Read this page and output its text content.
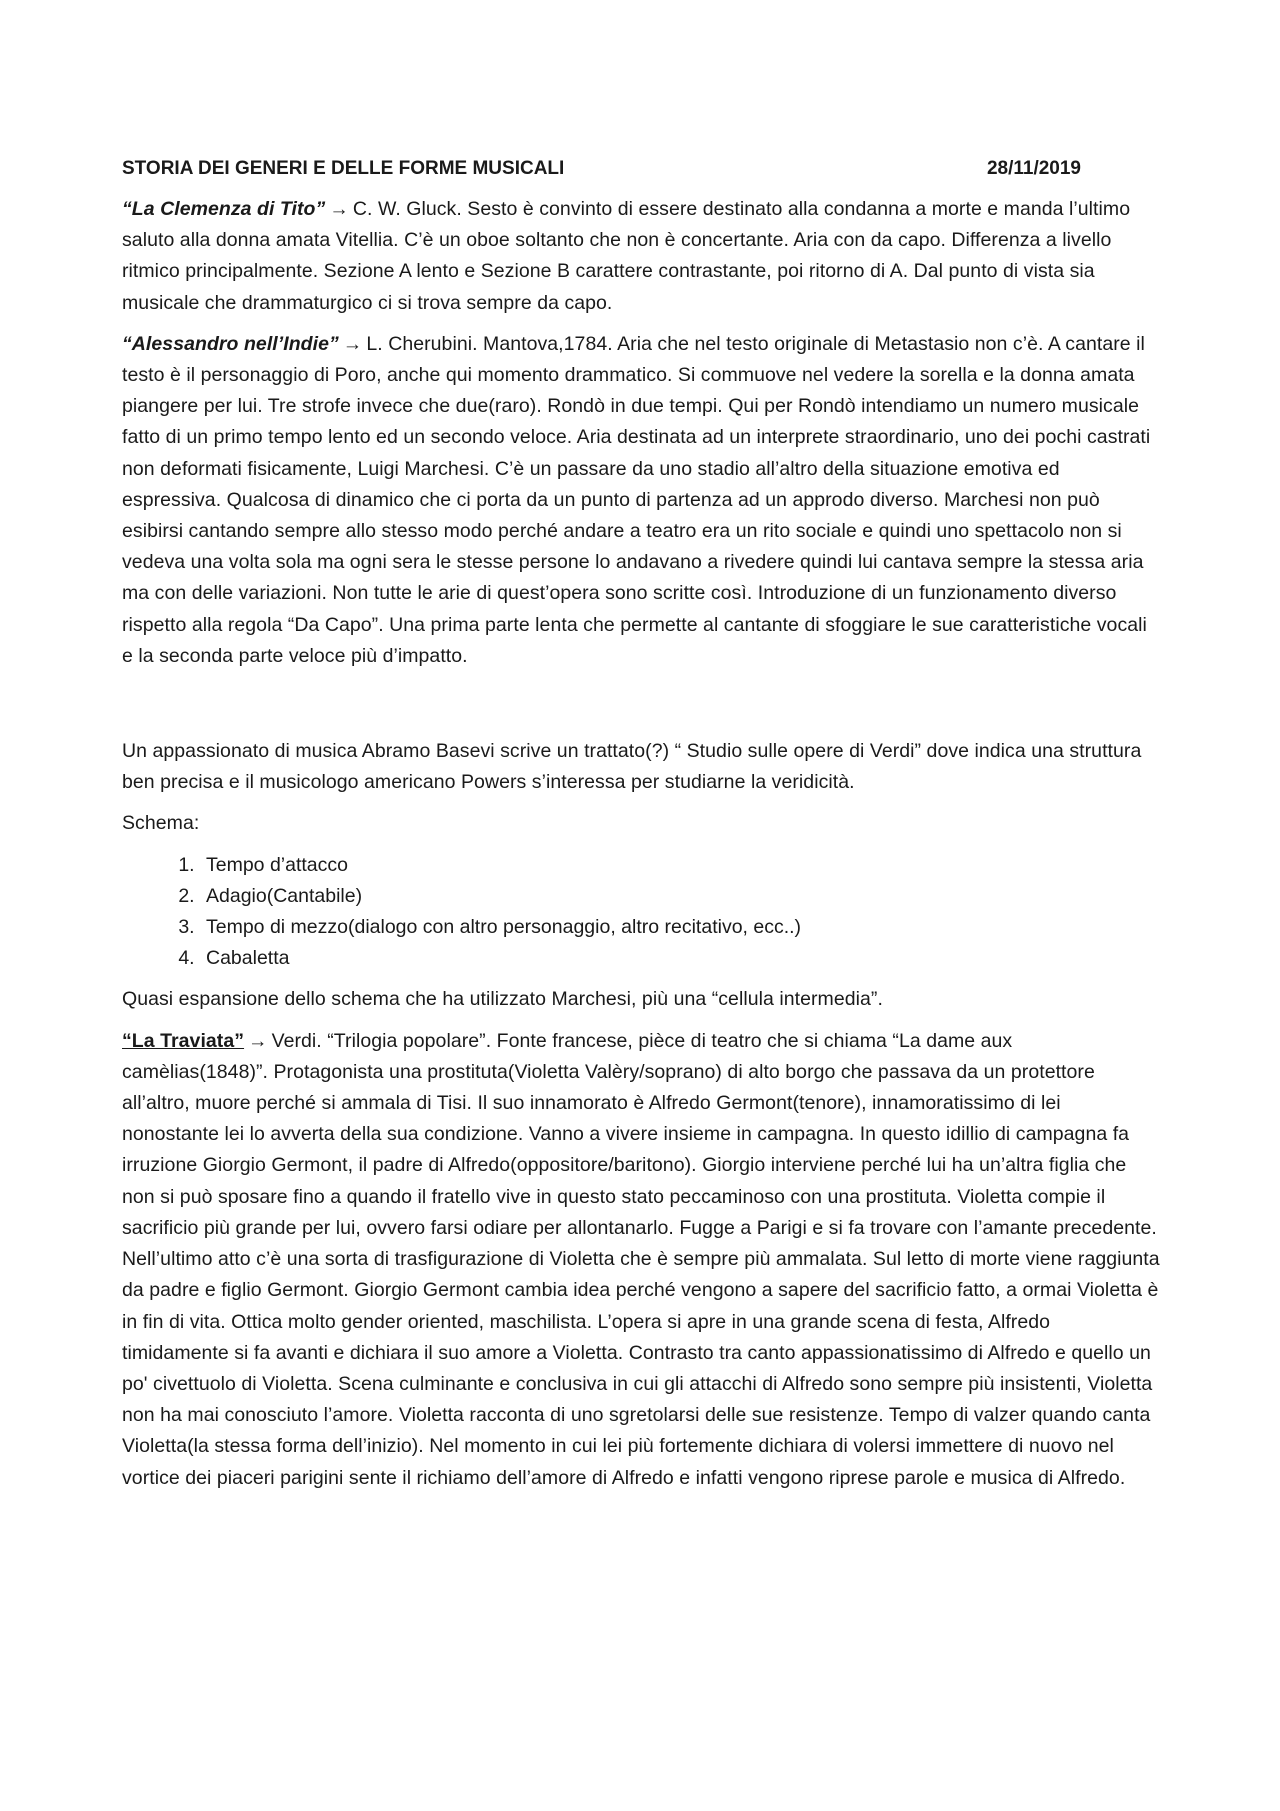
STORIA DEI GENERI E DELLE FORME MUSICALI	28/11/2019

“La Clemenza di Tito” → C. W. Gluck. Sesto è convinto di essere destinato alla condanna a morte e manda l’ultimo saluto alla donna amata Vitellia. C’è un oboe soltanto che non è concertante. Aria con da capo. Differenza a livello ritmico principalmente. Sezione A lento e Sezione B carattere contrastante, poi ritorno di A. Dal punto di vista sia musicale che drammaturgico ci si trova sempre da capo.

“Alessandro nell’Indie” → L. Cherubini. Mantova,1784. Aria che nel testo originale di Metastasio non c’è. A cantare il testo è il personaggio di Poro, anche qui momento drammatico. Si commuove nel vedere la sorella e la donna amata piangere per lui. Tre strofe invece che due(raro). Rondò in due tempi. Qui per Rondò intendiamo un numero musicale fatto di un primo tempo lento ed un secondo veloce. Aria destinata ad un interprete straordinario, uno dei pochi castrati non deformati fisicamente, Luigi Marchesi. C’è un passare da uno stadio all’altro della situazione emotiva ed espressiva. Qualcosa di dinamico che ci porta da un punto di partenza ad un approdo diverso. Marchesi non può esibirsi cantando sempre allo stesso modo perché andare a teatro era un rito sociale e quindi uno spettacolo non si vedeva una volta sola ma ogni sera le stesse persone lo andavano a rivedere quindi lui cantava sempre la stessa aria ma con delle variazioni. Non tutte le arie di quest’opera sono scritte così. Introduzione di un funzionamento diverso rispetto alla regola “Da Capo”. Una prima parte lenta che permette al cantante di sfoggiare le sue caratteristiche vocali e la seconda parte veloce più d’impatto.

Un appassionato di musica Abramo Basevi scrive un trattato(?) “ Studio sulle opere di Verdi” dove indica una struttura ben precisa e il musicologo americano Powers s’interessa per studiarne la veridicità.

Schema:

1. Tempo d’attacco
2. Adagio(Cantabile)
3. Tempo di mezzo(dialogo con altro personaggio, altro recitativo, ecc..)
4. Cabaletta

Quasi espansione dello schema che ha utilizzato Marchesi, più una “cellula intermedia”.

“La Traviata” → Verdi. “Trilogia popolare”. Fonte francese, pièce di teatro che si chiama “La dame aux camèlias(1848)”. Protagonista una prostituta(Violetta Valèry/soprano) di alto borgo che passava da un protettore all’altro, muore perché si ammala di Tisi. Il suo innamorato è Alfredo Germont(tenore), innamoratissimo di lei nonostante lei lo avverta della sua condizione. Vanno a vivere insieme in campagna. In questo idillio di campagna fa irruzione Giorgio Germont, il padre di Alfredo(oppositore/baritono). Giorgio interviene perché lui ha un’altra figlia che non si può sposare fino a quando il fratello vive in questo stato peccaminoso con una prostituta. Violetta compie il sacrificio più grande per lui, ovvero farsi odiare per allontanarlo. Fugge a Parigi e si fa trovare con l’amante precedente. Nell’ultimo atto c’è una sorta di trasfigurazione di Violetta che è sempre più ammalata. Sul letto di morte viene raggiunta da padre e figlio Germont. Giorgio Germont cambia idea perché vengono a sapere del sacrificio fatto, a ormai Violetta è in fin di vita. Ottica molto gender oriented, maschilista. L’opera si apre in una grande scena di festa, Alfredo timidamente si fa avanti e dichiara il suo amore a Violetta. Contrasto tra canto appassionatissimo di Alfredo e quello un po' civettuolo di Violetta. Scena culminante e conclusiva in cui gli attacchi di Alfredo sono sempre più insistenti, Violetta non ha mai conosciuto l’amore. Violetta racconta di uno sgretolarsi delle sue resistenze. Tempo di valzer quando canta Violetta(la stessa forma dell’inizio). Nel momento in cui lei più fortemente dichiara di volersi immettere di nuovo nel vortice dei piaceri parigini sente il richiamo dell’amore di Alfredo e infatti vengono riprese parole e musica di Alfredo.
